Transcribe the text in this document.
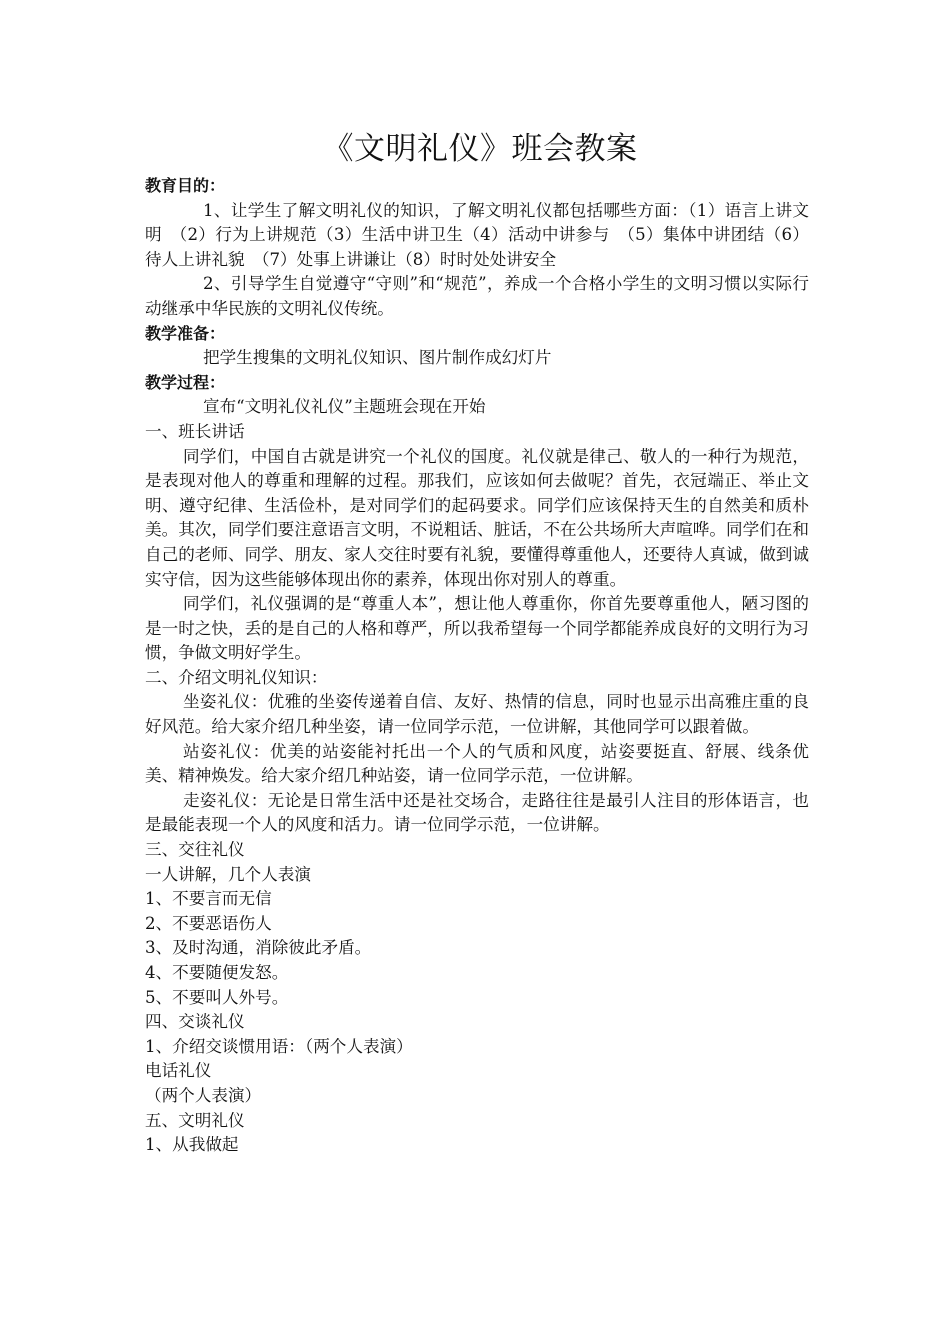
《文明礼仪》班会教案

教育目的：

1、让学生了解文明礼仪的知识，了解文明礼仪都包括哪些方面：（1）语言上讲文明　（2）行为上讲规范（3）生活中讲卫生（4）活动中讲参与　（5）集体中讲团结（6）待人上讲礼貌　（7）处事上讲谦让（8）时时处处讲安全

2、引导学生自觉遵守“守则”和“规范”，养成一个合格小学生的文明习惯以实际行动继承中华民族的文明礼仪传统。

教学准备：

把学生搜集的文明礼仪知识、图片制作成幻灯片

教学过程：

宣布“文明礼仪礼仪”主题班会现在开始

一、班长讲话

同学们，中国自古就是讲究一个礼仪的国度。礼仪就是律己、敬人的一种行为规范，是表现对他人的尊重和理解的过程。那我们，应该如何去做呢？首先，衣冠端正、举止文明、遵守纪律、生活俭朴，是对同学们的起码要求。同学们应该保持天生的自然美和质朴美。其次，同学们要注意语言文明，不说粗话、脏话，不在公共场所大声喧哗。同学们在和自己的老师、同学、朋友、家人交往时要有礼貌，要懂得尊重他人，还要待人真诚，做到诚实守信，因为这些能够体现出你的素养，体现出你对别人的尊重。

同学们，礼仪强调的是“尊重人本”，想让他人尊重你，你首先要尊重他人，陋习图的是一时之快，丢的是自己的人格和尊严，所以我希望每一个同学都能养成良好的文明行为习惯，争做文明好学生。

二、介绍文明礼仪知识：

坐姿礼仪：优雅的坐姿传递着自信、友好、热情的信息，同时也显示出高雅庄重的良好风范。给大家介绍几种坐姿，请一位同学示范，一位讲解，其他同学可以跟着做。

站姿礼仪：优美的站姿能衬托出一个人的气质和风度，站姿要挺直、舒展、线条优美、精神焕发。给大家介绍几种站姿，请一位同学示范，一位讲解。

走姿礼仪：无论是日常生活中还是社交场合，走路往往是最引人注目的形体语言，也是最能表现一个人的风度和活力。请一位同学示范，一位讲解。

三、交往礼仪

一人讲解，几个人表演

1、不要言而无信

2、不要恶语伤人

3、及时沟通，消除彼此矛盾。

4、不要随便发怒。

5、不要叫人外号。

四、交谈礼仪

1、介绍交谈惯用语：（两个人表演）

电话礼仪

（两个人表演）

五、文明礼仪

1、从我做起
